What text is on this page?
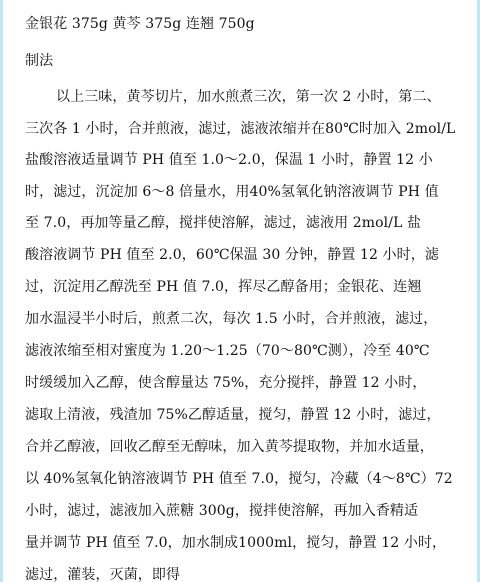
金银花 375g 黄芩 375g 连翘 750g
制法
以上三味，黄芩切片，加水煎煮三次，第一次 2 小时，第二、
三次各 1 小时，合并煎液，滤过，滤液浓缩并在80℃时加入 2mol/L
盐酸溶液适量调节 PH 值至 1.0～2.0，保温 1 小时，静置 12 小
时，滤过，沉淀加 6～8 倍量水，用40%氢氧化钠溶液调节 PH 值
至 7.0，再加等量乙醇，搅拌使溶解，滤过，滤液用 2mol/L 盐
酸溶液调节 PH 值至 2.0，60℃保温 30 分钟，静置 12 小时，滤
过，沉淀用乙醇洗至 PH 值 7.0，挥尽乙醇备用；金银花、连翘
加水温浸半小时后，煎煮二次，每次 1.5 小时，合并煎液，滤过，
滤液浓缩至相对蜜度为 1.20～1.25（70～80℃测），冷至 40℃
时缓缓加入乙醇，使含醇量达 75%，充分搅拌，静置 12 小时，
滤取上清液，残渣加 75%乙醇适量，搅匀，静置 12 小时，滤过，
合并乙醇液，回收乙醇至无醇味，加入黄芩提取物，并加水适量，
以 40%氢氧化钠溶液调节 PH 值至 7.0，搅匀，冷藏（4～8℃）72
小时，滤过，滤液加入蔗糖 300g，搅拌使溶解，再加入香精适
量并调节 PH 值至 7.0，加水制成1000ml，搅匀，静置 12 小时，
滤过，灌装，灭菌，即得
